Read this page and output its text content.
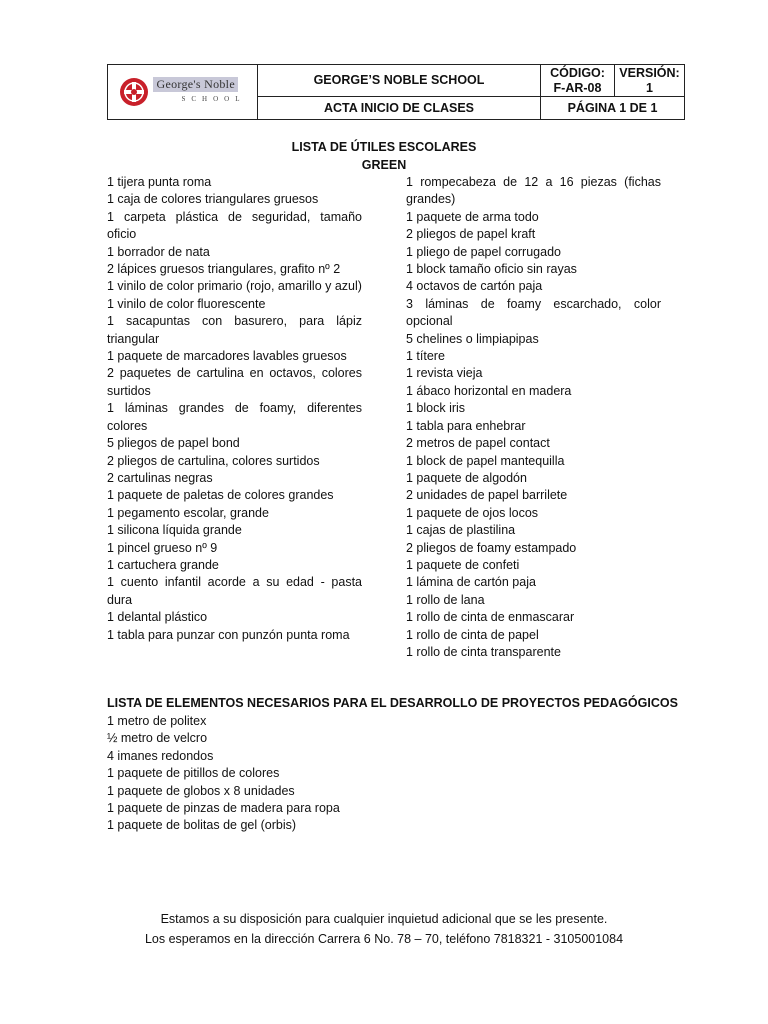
George's Noble
SCHOOL
GEORGE’S NOBLE SCHOOL
CÓDIGO:
F-AR-08
VERSIÓN:
1
ACTA INICIO DE CLASES	PÁGINA 1 DE 1
LISTA DE ÚTILES ESCOLARES
GREEN
1 tijera punta roma
1 caja de colores triangulares gruesos
1 carpeta plástica de seguridad, tamaño oficio
1 borrador de nata
2 lápices gruesos triangulares, grafito nº 2
1 vinilo de color primario (rojo, amarillo y azul)
1 vinilo de color fluorescente
1 sacapuntas con basurero, para lápiz triangular
1 paquete de marcadores lavables gruesos
2 paquetes de cartulina en octavos, colores surtidos
1 láminas grandes de foamy, diferentes colores
5 pliegos de papel bond
2 pliegos de cartulina, colores surtidos
2 cartulinas negras
1 paquete de paletas de colores grandes
1 pegamento escolar, grande
1 silicona líquida grande
1 pincel grueso nº 9
1 cartuchera grande
1 cuento infantil acorde a su edad - pasta dura
1 delantal plástico
1 tabla para punzar con punzón punta roma
1 rompecabeza de 12 a 16 piezas (fichas grandes)
1 paquete de arma todo
2 pliegos de papel kraft
1 pliego de papel corrugado
1 block tamaño oficio sin rayas
4 octavos de cartón paja
3 láminas de foamy escarchado, color opcional
5 chelines o limpiapipas
1 títere
1 revista vieja
1 ábaco horizontal en madera
1 block iris
1 tabla para enhebrar
2 metros de papel contact
1 block de papel mantequilla
1 paquete de algodón
2 unidades de papel barrilete
1 paquete de ojos locos
1 cajas de plastilina
2 pliegos de foamy estampado
1 paquete de confeti
1 lámina de cartón paja
1 rollo de lana
1 rollo de cinta de enmascarar
1 rollo de cinta de papel
1 rollo de cinta transparente
LISTA DE ELEMENTOS NECESARIOS PARA EL DESARROLLO DE PROYECTOS PEDAGÓGICOS
1 metro de politex
½ metro de velcro
4 imanes redondos
1 paquete de pitillos de colores
1 paquete de globos x 8 unidades
1 paquete de pinzas de madera para ropa
1 paquete de bolitas de gel (orbis)
Estamos a su disposición para cualquier inquietud adicional que se les presente.
Los esperamos en la dirección Carrera 6 No. 78 – 70, teléfono 7818321 - 3105001084
